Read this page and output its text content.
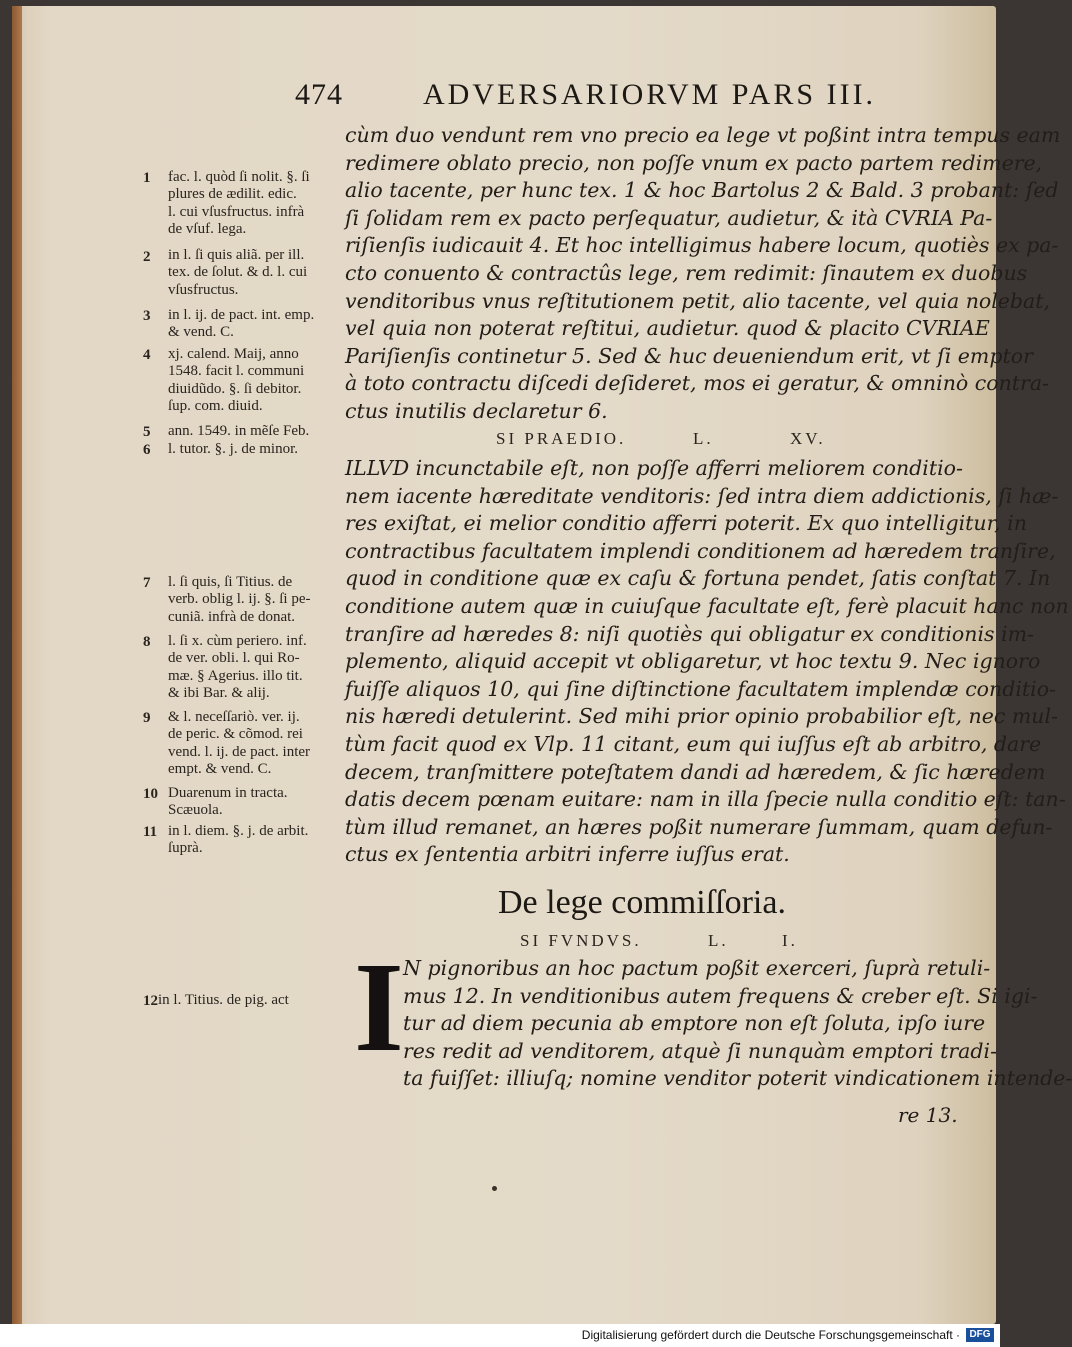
474	ADVERSARIORVM PARS III.
cùm duo vendunt rem vno precio ea lege vt poßint intra tempus eam
redimere oblato precio, non poſſe vnum ex pacto partem redimere,
alio tacente, per hunc tex. 1 & hoc Bartolus 2 & Bald. 3 probant: ſed
ſi ſolidam rem ex pacto perſequatur, audietur, & ità CVRIA Pa-
riſienſis iudicauit 4. Et hoc intelligimus habere locum, quotiès ex pa-
cto conuento & contractûs lege, rem redimit: ſinautem ex duobus
venditoribus vnus reſtitutionem petit, alio tacente, vel quia nolebat,
vel quia non poterat reſtitui, audietur. quod & placito CVRIAE
Pariſienſis continetur 5. Sed & huc deueniendum erit, vt ſi emptor
à toto contractu diſcedi deſideret, mos ei geratur, & omninò contra-
ctus inutilis declaretur 6.
SI PRAEDIO.	L.	XV.
ILLVD incunctabile eſt, non poſſe afferri meliorem conditio-
nem iacente hæreditate venditoris: ſed intra diem addictionis, ſi hæ-
res exiſtat, ei melior conditio afferri poterit. Ex quo intelligitur, in
contractibus facultatem implendi conditionem ad hæredem tranſire,
quod in conditione quæ ex caſu & fortuna pendet, ſatis conſtat 7. In
conditione autem quæ in cuiuſque facultate eſt, ferè placuit hanc non
tranſire ad hæredes 8: niſi quotiès qui obligatur ex conditionis im-
plemento, aliquid accepit vt obligaretur, vt hoc textu 9. Nec ignoro
fuiſſe aliquos 10, qui ſine diſtinctione facultatem implendæ conditio-
nis hæredi detulerint. Sed mihi prior opinio probabilior eſt, nec mul-
tùm facit quod ex Vlp. 11 citant, eum qui iuſſus eſt ab arbitro, dare
decem, tranſmittere poteſtatem dandi ad hæredem, & ſic hæredem
datis decem pœnam euitare: nam in illa ſpecie nulla conditio eſt: tan-
tùm illud remanet, an hæres poßit numerare ſummam, quam defun-
ctus ex ſententia arbitri inferre iuſſus erat.
De lege commiſſoria.
SI FVNDVS.	L.	I.
I N pignoribus an hoc pactum poßit exerceri, ſuprà retuli-
mus 12. In venditionibus autem frequens & creber eſt. Si igi-
tur ad diem pecunia ab emptore non eſt ſoluta, ipſo iure
res redit ad venditorem, atquè ſi nunquàm emptori tradi-
ta fuiſſet: illiuſq; nomine venditor poterit vindicationem intende-
re 13.
1 fac. l. quòd ſi nolit. §. ſi
plures de ædilit. edic.
l. cui vſusfructus. infrà
de vſuf. lega.
2 in l. ſi quis aliã. per ill.
tex. de ſolut. & d. l. cui
vſusfructus.
3 in l. ij. de pact. int. emp.
& vend. C.
4 xj. calend. Maij, anno
1548. facit l. communi
diuidũdo. §. ſi debitor.
ſup. com. diuid.
5 ann. 1549. in mẽſe Feb.
6 l. tutor. §. j. de minor.
7 l. ſi quis, ſi Titius. de
verb. oblig l. ij. §. ſi pe-
cuniã. infrà de donat.
8 l. ſi x. cùm periero. inf.
de ver. obli. l. qui Ro-
mæ. § Agerius. illo tit.
& ibi Bar. & alij.
9 & l. neceſſariò. ver. ij.
de peric. & cõmod. rei
vend. l. ij. de pact. inter
empt. & vend. C.
10 Duarenum in tracta.
Scæuola.
11 in l. diem. §. j. de arbit.
ſuprà.
12 in l. Titius. de pig. act
Digitalisierung gefördert durch die Deutsche Forschungsgemeinschaft · DFG
